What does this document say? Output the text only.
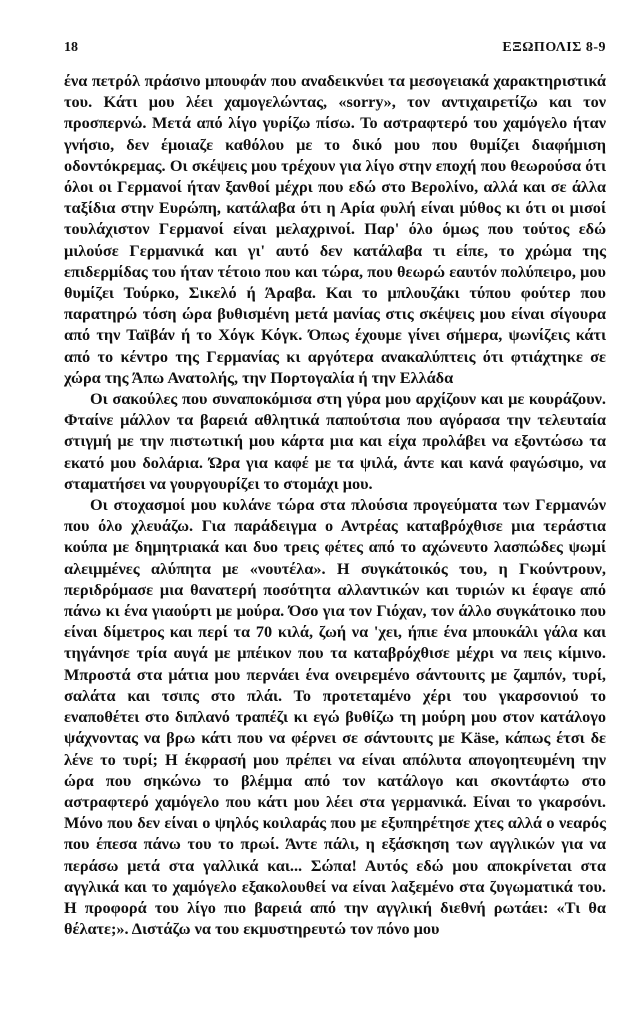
18	ΕΞΩΠΟΛΙΣ 8-9

ένα πετρόλ πράσινο μπουφάν που αναδεικνύει τα μεσογειακά χαρακτηριστικά του. Κάτι μου λέει χαμογελώντας, «sorry», τον αντιχαιρετίζω και τον προσπερνώ. Μετά από λίγο γυρίζω πίσω. Το αστραφτερό του χαμόγελο ήταν γνήσιο, δεν έμοιαζε καθόλου με το δικό μου που θυμίζει διαφήμιση οδοντόκρεμας. Οι σκέψεις μου τρέχουν για λίγο στην εποχή που θεωρούσα ότι όλοι οι Γερμανοί ήταν ξανθοί μέχρι που εδώ στο Βερολίνο, αλλά και σε άλλα ταξίδια στην Ευρώπη, κατάλαβα ότι η Αρία φυλή είναι μύθος κι ότι οι μισοί τουλάχιστον Γερμανοί είναι μελαχρινοί. Παρ' όλο όμως που τούτος εδώ μιλούσε Γερμανικά και γι' αυτό δεν κατάλαβα τι είπε, το χρώμα της επιδερμίδας του ήταν τέτοιο που και τώρα, που θεωρώ εαυτόν πολύπειρο, μου θυμίζει Τούρκο, Σικελό ή Άραβα. Και το μπλουζάκι τύπου φούτερ που παρατηρώ τόση ώρα βυθισμένη μετά μανίας στις σκέψεις μου είναι σίγουρα από την Ταϊβάν ή το Χόγκ Κόγκ. Όπως έχουμε γίνει σήμερα, ψωνίζεις κάτι από το κέντρο της Γερμανίας κι αργότερα ανακαλύπτεις ότι φτιάχτηκε σε χώρα της Άπω Ανατολής, την Πορτογαλία ή την Ελλάδα

Οι σακούλες που συναποκόμισα στη γύρα μου αρχίζουν και με κουράζουν. Φταίνε μάλλον τα βαρειά αθλητικά παπούτσια που αγόρασα την τελευταία στιγμή με την πιστωτική μου κάρτα μια και είχα προλάβει να εξοντώσω τα εκατό μου δολάρια. Ώρα για καφέ με τα ψιλά, άντε και κανά φαγώσιμο, να σταματήσει να γουργουρίζει το στομάχι μου.

Οι στοχασμοί μου κυλάνε τώρα στα πλούσια προγεύματα των Γερμανών που όλο χλευάζω. Για παράδειγμα ο Αντρέας καταβρόχθισε μια τεράστια κούπα με δημητριακά και δυο τρεις φέτες από το αχώνευτο λασπώδες ψωμί αλειμμένες αλύπητα με «νουτέλα». Η συγκάτοικός του, η Γκούντρουν, περιδρόμασε μια θανατερή ποσότητα αλλαντικών και τυριών κι έφαγε από πάνω κι ένα γιαούρτι με μούρα. Όσο για τον Γιόχαν, τον άλλο συγκάτοικο που είναι δίμετρος και περί τα 70 κιλά, ζωή να 'χει, ήπιε ένα μπουκάλι γάλα και τηγάνησε τρία αυγά με μπέικον που τα καταβρόχθισε μέχρι να πεις κίμινο. Μπροστά στα μάτια μου περνάει ένα ονειρεμένο σάντουιτς με ζαμπόν, τυρί, σαλάτα και τσιπς στο πλάι. Το προτεταμένο χέρι του γκαρσονιού το εναποθέτει στο διπλανό τραπέζι κι εγώ βυθίζω τη μούρη μου στον κατάλογο ψάχνοντας να βρω κάτι που να φέρνει σε σάντουιτς με Käse, κάπως έτσι δε λένε το τυρί; Η έκφρασή μου πρέπει να είναι απόλυτα απογοητευμένη την ώρα που σηκώνω το βλέμμα από τον κατάλογο και σκοντάφτω στο αστραφτερό χαμόγελο που κάτι μου λέει στα γερμανικά. Είναι το γκαρσόνι. Μόνο που δεν είναι ο ψηλός κοιλαράς που με εξυπηρέτησε χτες αλλά ο νεαρός που έπεσα πάνω του το πρωί. Άντε πάλι, η εξάσκηση των αγγλικών για να περάσω μετά στα γαλλικά και... Σώπα! Αυτός εδώ μου αποκρίνεται στα αγγλικά και το χαμόγελο εξακολουθεί να είναι λαξεμένο στα ζυγωματικά του. Η προφορά του λίγο πιο βαρειά από την αγγλική διεθνή ρωτάει: «Τι θα θέλατε;». Διστάζω να του εκμυστηρευτώ τον πόνο μου
